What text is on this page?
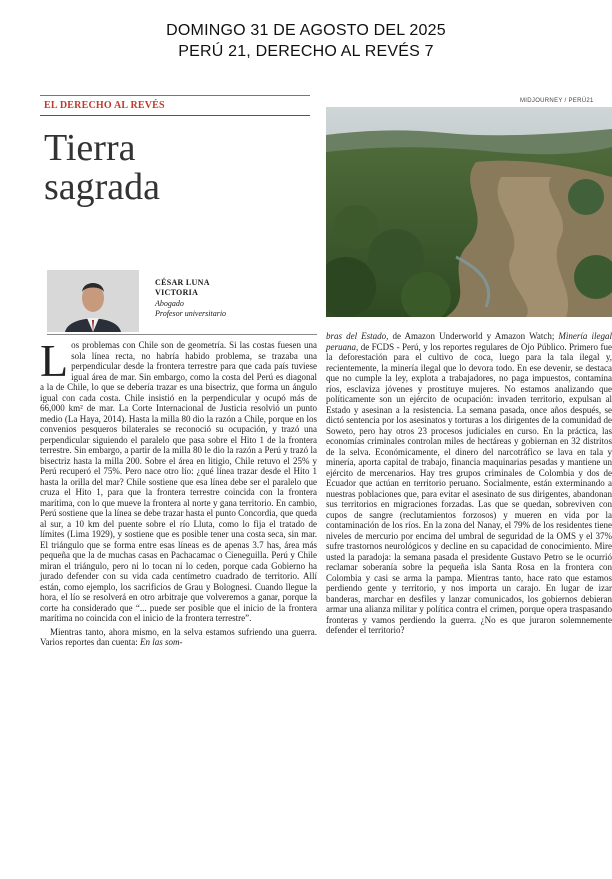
DOMINGO 31 DE AGOSTO DEL 2025
PERÚ 21, DERECHO AL REVÉS 7
EL DERECHO AL REVÉS
Tierra
sagrada
MIDJOURNEY / PERÚ21
CÉSAR LUNA
VICTORIA
Abogado
Profesor universitario

Los problemas con Chile son de geometría. Si las costas fuesen una sola línea recta, no habría habido problema, se trazaba una perpendicular desde la frontera terrestre para que cada país tuviese igual área de mar. Sin embargo, como la costa del Perú es diagonal a la de Chile, lo que se debería trazar es una bisectriz, que forma un ángulo igual con cada costa. Chile insistió en la perpendicular y ocupó más de 66,000 km² de mar. La Corte Internacional de Justicia resolvió un punto medio (La Haya, 2014). Hasta la milla 80 dio la razón a Chile, porque en los convenios pesqueros bilaterales se reconoció su ocupación, y trazó una perpendicular siguiendo el paralelo que pasa sobre el Hito 1 de la frontera terrestre. Sin embargo, a partir de la milla 80 le dio la razón a Perú y trazó la bisectriz hasta la milla 200. Sobre el área en litigio, Chile retuvo el 25% y Perú recuperó el 75%. Pero nace otro lío: ¿qué línea trazar desde el Hito 1 hasta la orilla del mar? Chile sostiene que esa línea debe ser el paralelo que cruza el Hito 1, para que la frontera terrestre coincida con la frontera marítima, con lo que mueve la frontera al norte y gana territorio. En cambio, Perú sostiene que la línea se debe trazar hasta el punto Concordia, que queda al sur, a 10 km del puente sobre el río Lluta, como lo fija el tratado de límites (Lima 1929), y sostiene que es posible tener una costa seca, sin mar. El triángulo que se forma entre esas líneas es de apenas 3.7 has, área más pequeña que la de muchas casas en Pachacamac o Cieneguilla. Perú y Chile miran el triángulo, pero ni lo tocan ni lo ceden, porque cada Gobierno ha jurado defender con su vida cada centímetro cuadrado de territorio. Allí están, como ejemplo, los sacrificios de Grau y Bolognesi. Cuando llegue la hora, el lío se resolverá en otro arbitraje que volveremos a ganar, porque la corte ha considerado que “... puede ser posible que el inicio de la frontera marítima no coincida con el inicio de la frontera terrestre”.

Mientras tanto, ahora mismo, en la selva estamos sufriendo una guerra. Varios reportes dan cuenta: En las som-

bras del Estado, de Amazon Underworld y Amazon Watch; Minería ilegal peruana, de FCDS - Perú, y los reportes regulares de Ojo Público. Primero fue la deforestación para el cultivo de coca, luego para la tala ilegal y, recientemente, la minería ilegal que lo devora todo. En ese devenir, se destaca que no cumple la ley, explota a trabajadores, no paga impuestos, contamina ríos, esclaviza jóvenes y prostituye mujeres. No estamos analizando que políticamente son un ejército de ocupación: invaden territorio, expulsan al Estado y asesinan a la resistencia. La semana pasada, once años después, se dictó sentencia por los asesinatos y torturas a los dirigentes de la comunidad de Soweto, pero hay otros 23 procesos judiciales en curso. En la práctica, las economías criminales controlan miles de hectáreas y gobiernan en 32 distritos de la selva. Económicamente, el dinero del narcotráfico se lava en tala y minería, aporta capital de trabajo, financia maquinarias pesadas y mantiene un ejército de mercenarios. Hay tres grupos criminales de Colombia y dos de Ecuador que actúan en territorio peruano. Socialmente, están exterminando a nuestras poblaciones que, para evitar el asesinato de sus dirigentes, abandonan sus territorios en migraciones forzadas. Las que se quedan, sobreviven con cupos de sangre (reclutamientos forzosos) y mueren en vida por la contaminación de los ríos. En la zona del Nanay, el 79% de los residentes tiene niveles de mercurio por encima del umbral de seguridad de la OMS y el 37% sufre trastornos neurológicos y decline en su capacidad de conocimiento. Mire usted la paradoja: la semana pasada el presidente Gustavo Petro se le ocurrió reclamar soberanía sobre la pequeña isla Santa Rosa en la frontera con Colombia y casi se arma la pampa. Mientras tanto, hace rato que estamos perdiendo gente y territorio, y nos importa un carajo. En lugar de izar banderas, marchar en desfiles y lanzar comunicados, los gobiernos debieran armar una alianza militar y política contra el crimen, porque opera traspasando fronteras y vamos perdiendo la guerra. ¿No es que juraron solemnemente defender el territorio?
